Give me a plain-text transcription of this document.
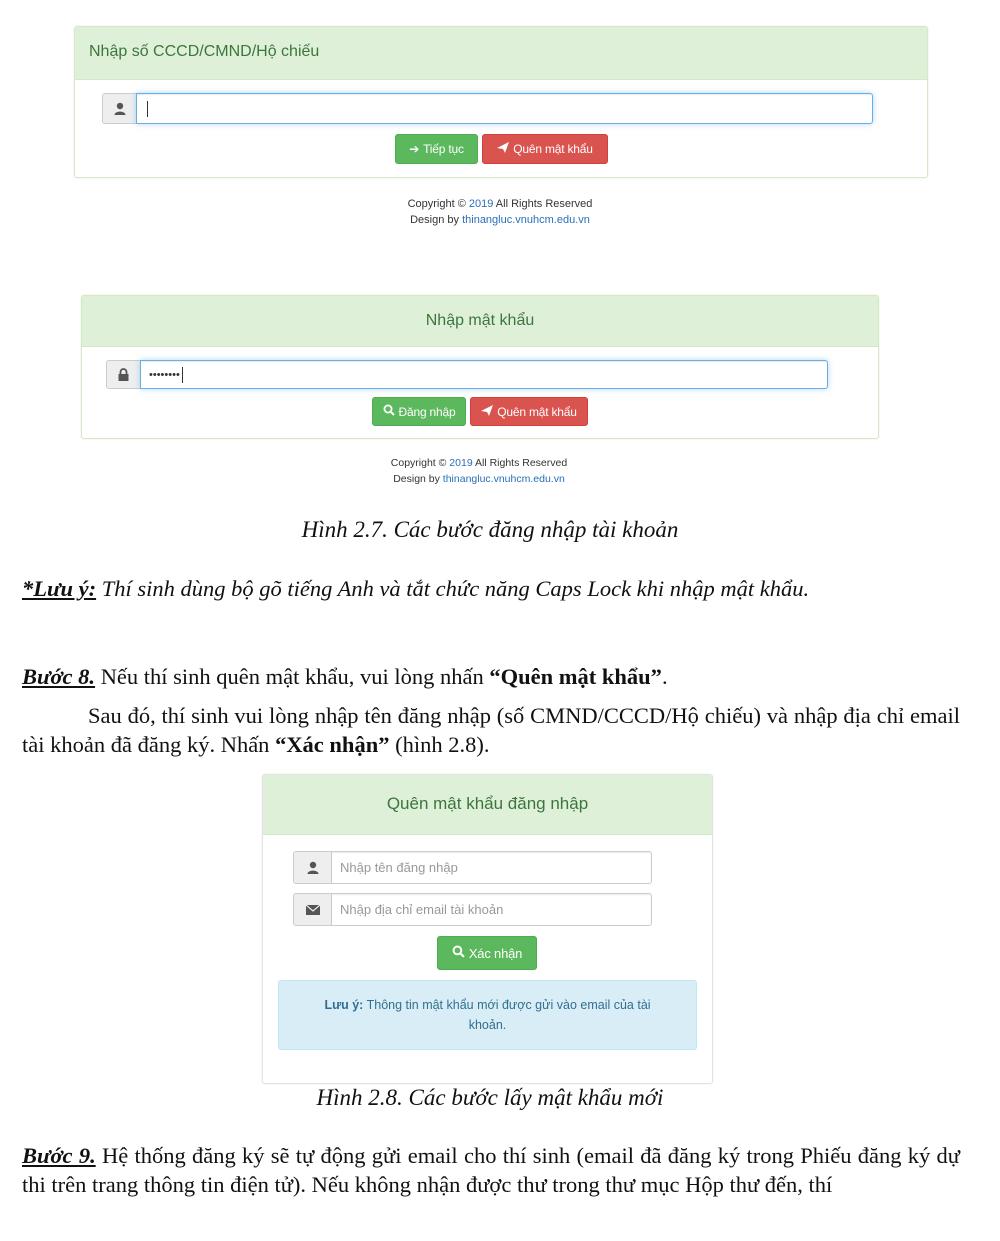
Nhập số CCCD/CMND/Hộ chiếu
➔ Tiếp tục	Quên mật khẩu
Copyright © 2019 All Rights Reserved
Design by thinangluc.vnuhcm.edu.vn
Nhập mật khẩu
••••••••
Đăng nhập	Quên mật khẩu
Copyright © 2019 All Rights Reserved
Design by thinangluc.vnuhcm.edu.vn
Hình 2.7. Các bước đăng nhập tài khoản
*Lưu ý: Thí sinh dùng bộ gõ tiếng Anh và tắt chức năng Caps Lock khi nhập mật khẩu.
Bước 8. Nếu thí sinh quên mật khẩu, vui lòng nhấn “Quên mật khẩu”.
Sau đó, thí sinh vui lòng nhập tên đăng nhập (số CMND/CCCD/Hộ chiếu) và nhập địa chỉ email tài khoản đã đăng ký. Nhấn “Xác nhận” (hình 2.8).
Quên mật khẩu đăng nhập
Nhập tên đăng nhập
Nhập địa chỉ email tài khoản
Xác nhận
Lưu ý: Thông tin mật khẩu mới được gửi vào email của tài khoản.
Hình 2.8. Các bước lấy mật khẩu mới
Bước 9. Hệ thống đăng ký sẽ tự động gửi email cho thí sinh (email đã đăng ký trong Phiếu đăng ký dự thi trên trang thông tin điện tử). Nếu không nhận được thư trong thư mục Hộp thư đến, thí
